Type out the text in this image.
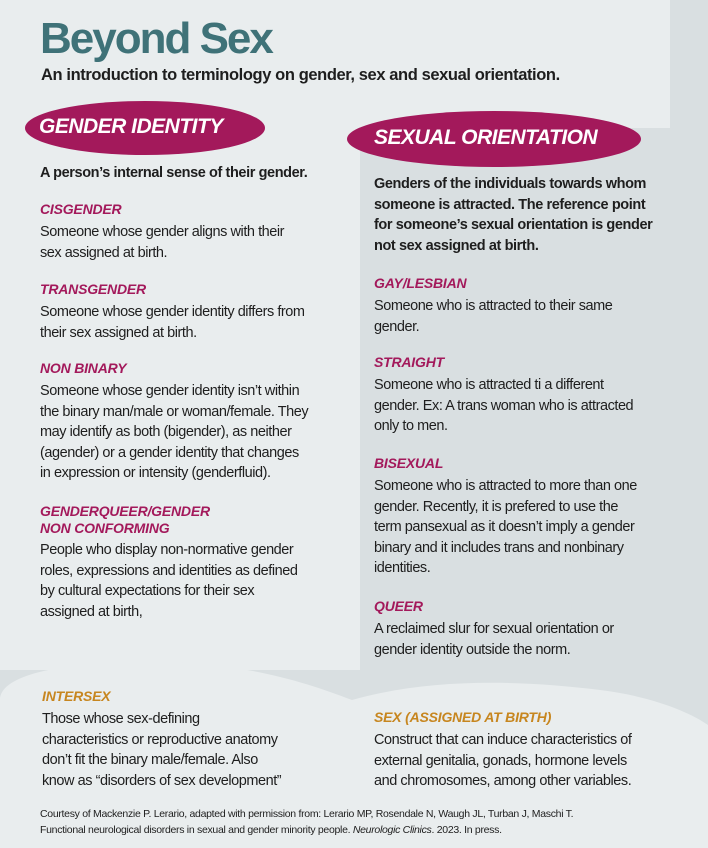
Beyond Sex
An introduction to terminology on gender, sex and sexual orientation.
GENDER IDENTITY	SEXUAL ORIENTATION
A person’s internal sense of their gender.
CISGENDER
Someone whose gender aligns with their
sex assigned at birth.
TRANSGENDER
Someone whose gender identity differs from
their sex assigned at birth.
NON BINARY
Someone whose gender identity isn’t within
the binary man/male or woman/female. They
may identify as both (bigender), as neither
(agender) or a gender identity that changes
in expression or intensity (genderfluid).
GENDERQUEER/GENDER
NON CONFORMING
People who display non-normative gender
roles, expressions and identities as defined
by cultural expectations for their sex
assigned at birth,
Genders of the individuals towards whom
someone is attracted. The reference point
for someone’s sexual orientation is gender
not sex assigned at birth.
GAY/LESBIAN
Someone who is attracted to their same
gender.
STRAIGHT
Someone who is attracted ti a different
gender. Ex: A trans woman who is attracted
only to men.
BISEXUAL
Someone who is attracted to more than one
gender. Recently, it is prefered to use the
term pansexual as it doesn’t imply a gender
binary and it includes trans and nonbinary
identities.
QUEER
A reclaimed slur for sexual orientation or
gender identity outside the norm.
INTERSEX
Those whose sex-defining
characteristics or reproductive anatomy
don’t fit the binary male/female. Also
know as “disorders of sex development”
SEX (ASSIGNED AT BIRTH)
Construct that can induce characteristics of
external genitalia, gonads, hormone levels
and chromosomes, among other variables.
Courtesy of Mackenzie P. Lerario, adapted with permission from: Lerario MP, Rosendale N, Waugh JL, Turban J, Maschi T.
Functional neurological disorders in sexual and gender minority people. Neurologic Clinics. 2023. In press.
